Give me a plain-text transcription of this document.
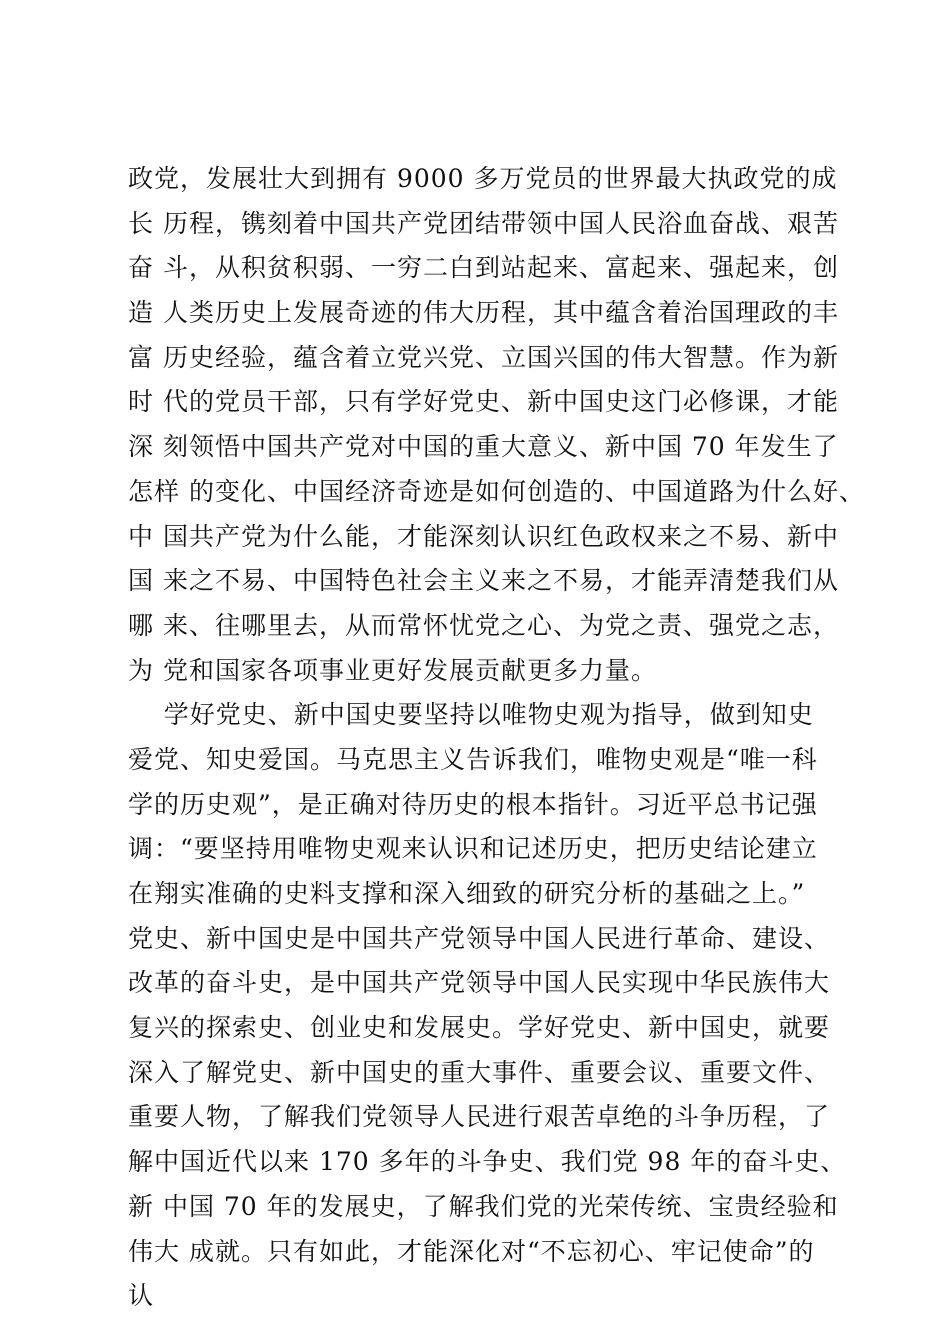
政党，发展壮大到拥有 9000 多万党员的世界最大执政党的成
长 历程，镌刻着中国共产党团结带领中国人民浴血奋战、艰苦
奋 斗，从积贫积弱、一穷二白到站起来、富起来、强起来，创
造 人类历史上发展奇迹的伟大历程，其中蕴含着治国理政的丰
富 历史经验，蕴含着立党兴党、立国兴国的伟大智慧。作为新
时 代的党员干部，只有学好党史、新中国史这门必修课，才能
深 刻领悟中国共产党对中国的重大意义、新中国 70 年发生了
怎样 的变化、中国经济奇迹是如何创造的、中国道路为什么好、
中 国共产党为什么能，才能深刻认识红色政权来之不易、新中
国 来之不易、中国特色社会主义来之不易，才能弄清楚我们从
哪 来、往哪里去，从而常怀忧党之心、为党之责、强党之志，
为 党和国家各项事业更好发展贡献更多力量。
学好党史、新中国史要坚持以唯物史观为指导，做到知史
爱党、知史爱国。马克思主义告诉我们，唯物史观是“唯一科
学的历史观”，是正确对待历史的根本指针。习近平总书记强
调：“要坚持用唯物史观来认识和记述历史，把历史结论建立
在翔实准确的史料支撑和深入细致的研究分析的基础之上。”
党史、新中国史是中国共产党领导中国人民进行革命、建设、
改革的奋斗史，是中国共产党领导中国人民实现中华民族伟大
复兴的探索史、创业史和发展史。学好党史、新中国史，就要
深入了解党史、新中国史的重大事件、重要会议、重要文件、
重要人物，了解我们党领导人民进行艰苦卓绝的斗争历程，了
解中国近代以来 170 多年的斗争史、我们党 98 年的奋斗史、
新 中国 70 年的发展史，了解我们党的光荣传统、宝贵经验和
伟大 成就。只有如此，才能深化对“不忘初心、牢记使命”的
认
